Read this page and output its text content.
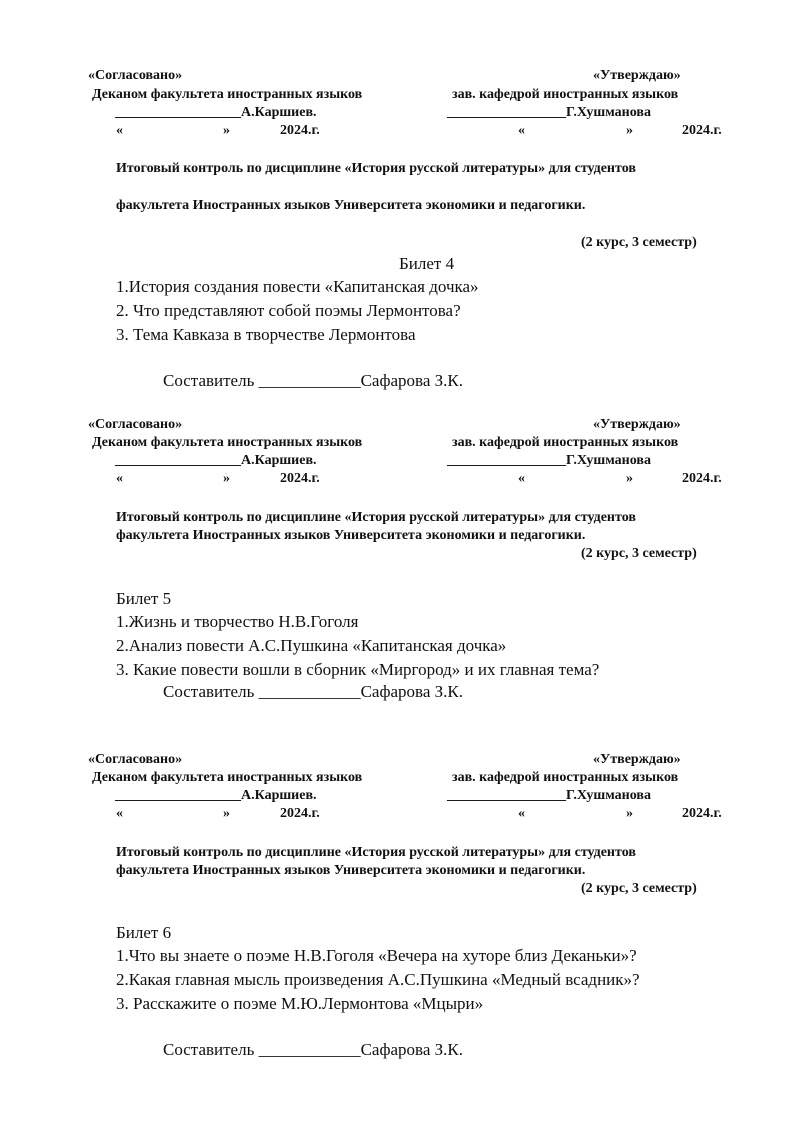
«Согласовано»	«Утверждаю»
Деканом факультета иностранных языков	зав. кафедрой иностранных языков
__________________А.Каршиев.	_________________Г.Хушманова
«	»	2024.г.	«	»	2024.г.
Итоговый контроль по дисциплине «История русской литературы» для студентов
факультета Иностранных языков Университета экономики и педагогики.
(2 курс, 3 семестр)
Билет 4
1.История создания повести «Капитанская дочка»
2. Что представляют собой поэмы Лермонтова?
3. Тема Кавказа в творчестве Лермонтова
Составитель ____________Сафарова З.К.
«Согласовано»	«Утверждаю»
Деканом факультета иностранных языков	зав. кафедрой иностранных языков
__________________А.Каршиев.	_________________Г.Хушманова
«	»	2024.г.	«	»	2024.г.
Итоговый контроль по дисциплине «История русской литературы» для студентов
факультета Иностранных языков Университета экономики и педагогики.
(2 курс, 3 семестр)
Билет 5
1.Жизнь и творчество Н.В.Гоголя
2.Анализ повести А.С.Пушкина «Капитанская дочка»
3. Какие повести вошли в сборник «Миргород» и их главная тема?
Составитель ____________Сафарова З.К.
«Согласовано»	«Утверждаю»
Деканом факультета иностранных языков	зав. кафедрой иностранных языков
__________________А.Каршиев.	_________________Г.Хушманова
«	»	2024.г.	«	»	2024.г.
Итоговый контроль по дисциплине «История русской литературы» для студентов
факультета Иностранных языков Университета экономики и педагогики.
(2 курс, 3 семестр)
Билет 6
1.Что вы знаете о поэме Н.В.Гоголя «Вечера на хуторе близ Деканьки»?
2.Какая главная мысль произведения А.С.Пушкина «Медный всадник»?
3. Расскажите о поэме М.Ю.Лермонтова «Мцыри»
Составитель ____________Сафарова З.К.
